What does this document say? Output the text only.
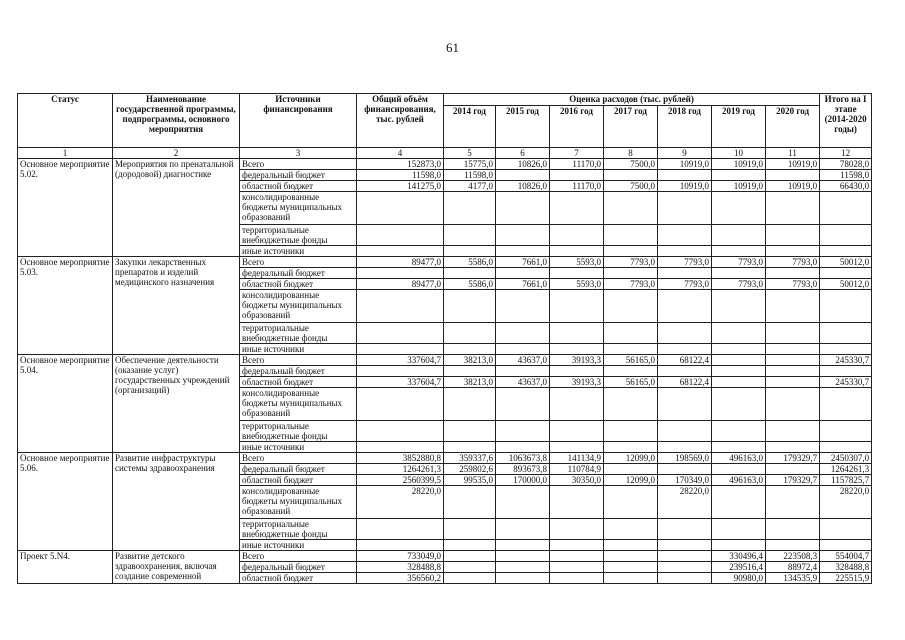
61
Статус	Наименование государственной программы, подпрограммы, основного мероприятия	Источники финансирования	Общий объём финансирования, тыс. рублей	Оценка расходов (тыс. рублей)							Итого на I этапе (2014-2020 годы)
				2014 год	2015 год	2016 год	2017 год	2018 год	2019 год	2020 год	
1	2	3	4	5	6	7	8	9	10	11	12
Основное мероприятие 5.02.	Мероприятия по пренатальной (дородовой) диагностике	Всего	152873,0	15775,0	10826,0	11170,0	7500,0	10919,0	10919,0	10919,0	78028,0
		федеральный бюджет	11598,0	11598,0							11598,0
		областной бюджет	141275,0	4177,0	10826,0	11170,0	7500,0	10919,0	10919,0	10919,0	66430,0
		консолидированные бюджеты муниципальных образований									
		территориальные внебюджетные фонды									
		иные источники									
Основное мероприятие 5.03.	Закупки лекарственных препаратов и изделий медицинского назначения	Всего	89477,0	5586,0	7661,0	5593,0	7793,0	7793,0	7793,0	7793,0	50012,0
		федеральный бюджет									
		областной бюджет	89477,0	5586,0	7661,0	5593,0	7793,0	7793,0	7793,0	7793,0	50012,0
		консолидированные бюджеты муниципальных образований									
		территориальные внебюджетные фонды									
		иные источники									
Основное мероприятие 5.04.	Обеспечение деятельности (оказание услуг) государственных учреждений (организаций)	Всего	337604,7	38213,0	43637,0	39193,3	56165,0	68122,4			245330,7
		федеральный бюджет									
		областной бюджет	337604,7	38213,0	43637,0	39193,3	56165,0	68122,4			245330,7
		консолидированные бюджеты муниципальных образований									
		территориальные внебюджетные фонды									
		иные источники									
Основное мероприятие 5.06.	Развитие инфраструктуры системы здравоохранения	Всего	3852880,8	359337,6	1063673,8	141134,9	12099,0	198569,0	496163,0	179329,7	2450307,0
		федеральный бюджет	1264261,3	259802,6	893673,8	110784,9					1264261,3
		областной бюджет	2560399,5	99535,0	170000,0	30350,0	12099,0	170349,0	496163,0	179329,7	1157825,7
		консолидированные бюджеты муниципальных образований	28220,0					28220,0			28220,0
		территориальные внебюджетные фонды									
		иные источники									
Проект 5.N4.	Развитие детского здравоохранения, включая создание современной	Всего	733049,0						330496,4	223508,3	554004,7
		федеральный бюджет	328488,8						239516,4	88972,4	328488,8
		областной бюджет	356560,2						90980,0	134535,9	225515,9
